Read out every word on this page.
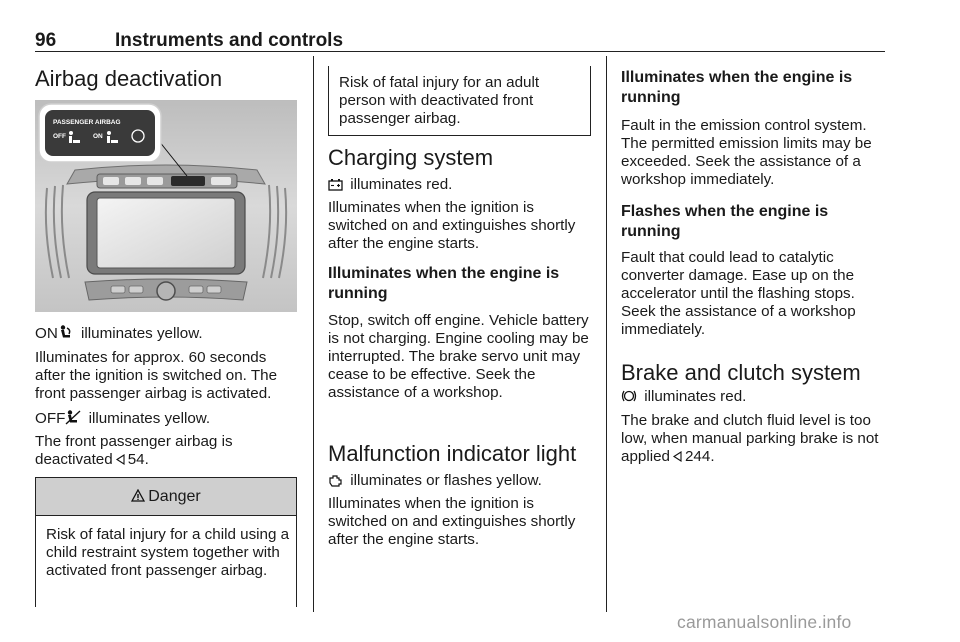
96	Instruments and controls
Airbag deactivation
PASSENGER AIRBAG
OFF	ON

ON illuminates yellow.

Illuminates for approx. 60 seconds after the ignition is switched on. The front passenger airbag is activated.

OFF illuminates yellow.

The front passenger airbag is deactivated 54.

Danger
Risk of fatal injury for a child using a child restraint system together with activated front passenger airbag.

Risk of fatal injury for an adult person with deactivated front passenger airbag.

Charging system

illuminates red.

Illuminates when the ignition is switched on and extinguishes shortly after the engine starts.

Illuminates when the engine is running

Stop, switch off engine. Vehicle battery is not charging. Engine cooling may be interrupted. The brake servo unit may cease to be effective. Seek the assistance of a workshop.

Malfunction indicator light

illuminates or flashes yellow.

Illuminates when the ignition is switched on and extinguishes shortly after the engine starts.

Illuminates when the engine is running

Fault in the emission control system. The permitted emission limits may be exceeded. Seek the assistance of a workshop immediately.

Flashes when the engine is running

Fault that could lead to catalytic converter damage. Ease up on the accelerator until the flashing stops. Seek the assistance of a workshop immediately.

Brake and clutch system

illuminates red.

The brake and clutch fluid level is too low, when manual parking brake is not applied 244.

carmanualsonline.info
